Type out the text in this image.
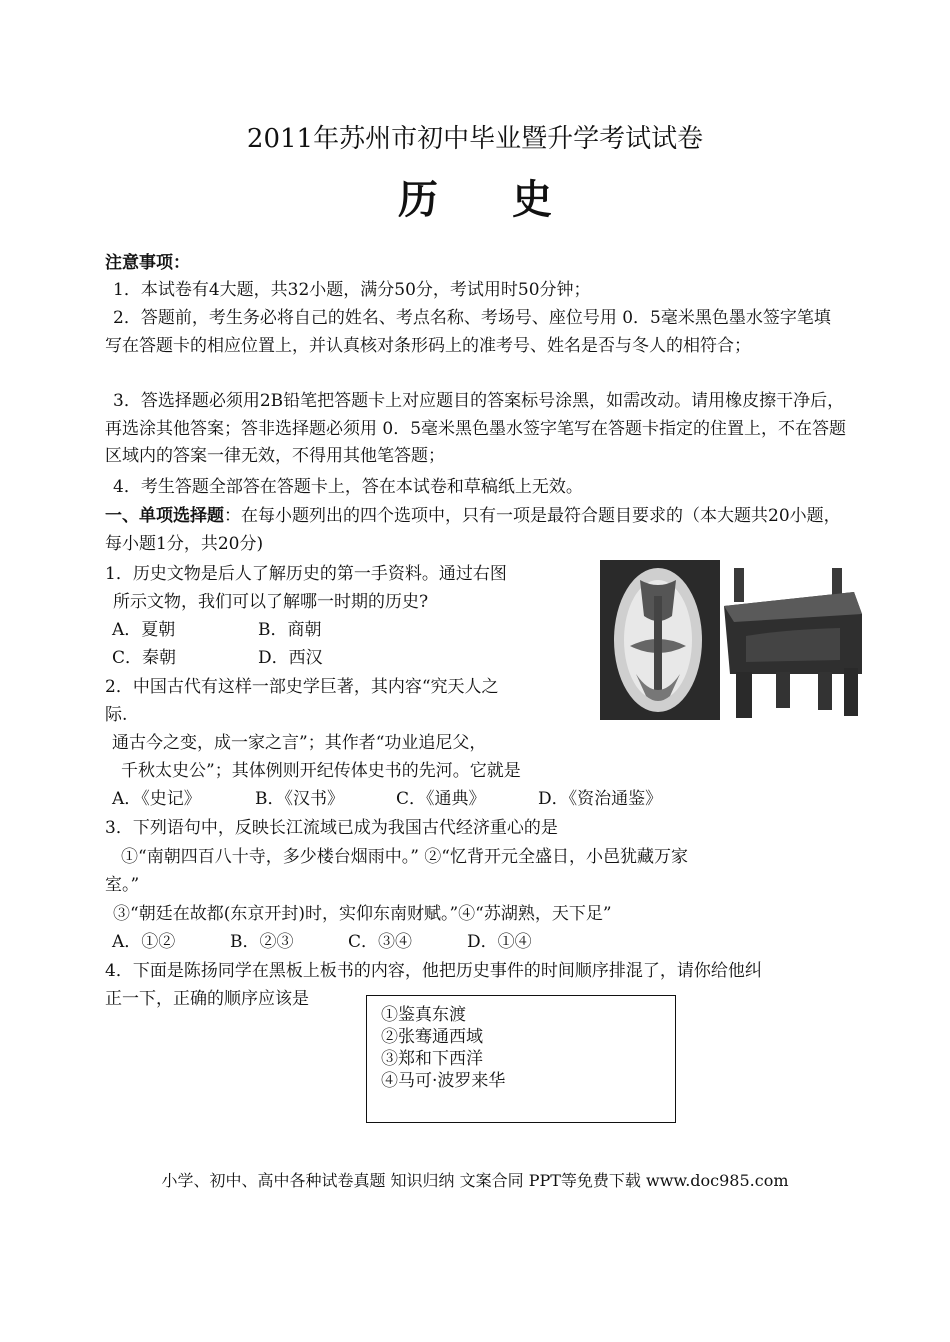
2011年苏州市初中毕业暨升学考试试卷
历 史
注意事项：
1．本试卷有4大题，共32小题，满分50分，考试用时50分钟；
2．答题前，考生务必将自己的姓名、考点名称、考场号、座位号用 0．5毫米黑色墨水签字笔填写在答题卡的相应位置上，并认真核对条形码上的准考号、姓名是否与冬人的相符合；
3．答选择题必须用2B铅笔把答题卡上对应题目的答案标号涂黑，如需改动。请用橡皮擦干净后，再选涂其他答案；答非选择题必须用 0．5毫米黑色墨水签字笔写在答题卡指定的住置上，不在答题区域内的答案一律无效，不得用其他笔答题；
4．考生答题全部答在答题卡上，答在本试卷和草稿纸上无效。
一、单项选择题：在每小题列出的四个选项中，只有一项是最符合题目要求的（本大题共20小题，每小题1分，共20分)
1．历史文物是后人了解历史的第一手资料。通过右图
所示文物，我们可以了解哪一时期的历史?
A．夏朝	B．商朝
C．秦朝	D．西汉
2．中国古代有这样一部史学巨著，其内容“究天人之
际.
通古今之变，成一家之言”；其作者“功业追尼父，
千秋太史公”；其体例则开纪传体史书的先河。它就是
A．《史记》	B．《汉书》	C．《通典》	D．《资治通鉴》
3．下列语句中，反映长江流域已成为我国古代经济重心的是
①“南朝四百八十寺，多少楼台烟雨中。” ②“忆背开元全盛日，小邑犹藏万家
室。”
③“朝廷在故都(东京开封)时，实仰东南财赋。”④“苏湖熟，天下足”
A．①②	B．②③	C．③④	D．①④
4．下面是陈扬同学在黑板上板书的内容，他把历史事件的时间顺序排混了，请你给他纠
正一下，正确的顺序应该是
①鉴真东渡
②张骞通西域
③郑和下西洋
④马可·波罗来华
小学、初中、高中各种试卷真题 知识归纳 文案合同 PPT等免费下载 www.doc985.com
